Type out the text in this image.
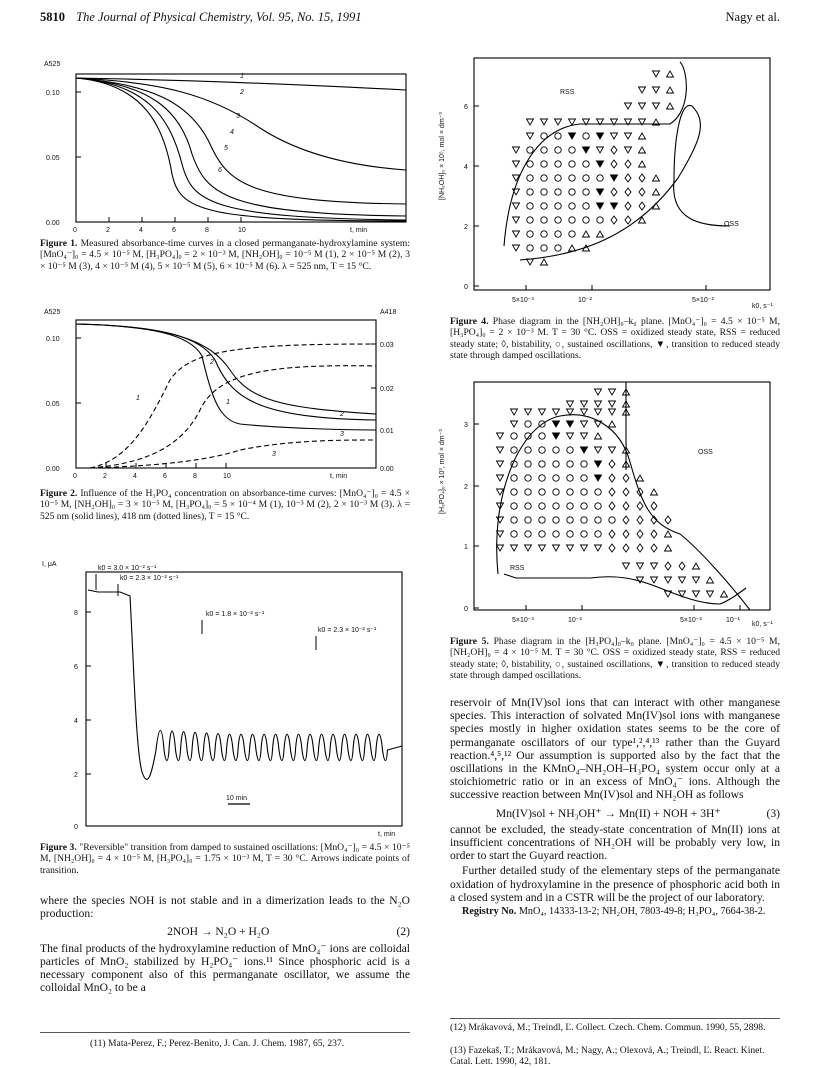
5810 The Journal of Physical Chemistry, Vol. 95, No. 15, 1991	Nagy et al.
A525
0.10
0.05
0.00
0	2	4	6	8	10	t, min
1
2
3
4
5
6
Figure 1. Measured absorbance-time curves in a closed permanganate-hydroxylamine system: [MnO₄⁻]₀ = 4.5 × 10⁻⁵ M, [H₃PO₄]₀ = 2 × 10⁻³ M, [NH₂OH]₀ = 10⁻⁵ M (1), 2 × 10⁻⁵ M (2), 3 × 10⁻⁵ M (3), 4 × 10⁻⁵ M (4), 5 × 10⁻⁵ M (5), 6 × 10⁻⁵ M (6). λ = 525 nm, T = 15 °C.
A525	A418
0.10
0.05
0.00
0.03
0.02
0.01
0.00
0	2	4	6	8	10	t, min
1
2
3
1
2
3
Figure 2. Influence of the H₃PO₄ concentration on absorbance-time curves: [MnO₄⁻]₀ = 4.5 × 10⁻⁵ M, [NH₂OH]₀ = 3 × 10⁻⁵ M, [H₃PO₄]₀ = 5 × 10⁻⁴ M (1), 10⁻³ M (2), 2 × 10⁻³ M (3). λ = 525 nm (solid lines), 418 nm (dotted lines), T = 15 °C.
I, μA
8
6
4
2
0
t, min
k0 = 3.0 × 10⁻² s⁻¹
k0 = 2.3 × 10⁻² s⁻¹
k0 = 1.8 × 10⁻² s⁻¹
k0 = 2.3 × 10⁻² s⁻¹
10 min
Figure 3. "Reversible" transition from damped to sustained oscillations: [MnO₄⁻]₀ = 4.5 × 10⁻⁵ M, [NH₂OH]₀ = 4 × 10⁻⁵ M, [H₃PO₄]₀ = 1.75 × 10⁻³ M, T = 30 °C. Arrows indicate points of transition.

where the species NOH is not stable and in a dimerization leads to the N₂O production:

2NOH → N₂O + H₂O	(2)

The final products of the hydroxylamine reduction of MnO₄⁻ ions are colloidal particles of MnO₂ stabilized by H₂PO₄⁻ ions.¹¹ Since phosphoric acid is a necessary component also of this permanganate oscillator, we assume the colloidal MnO₂ to be a

(11) Mata-Perez, F.; Perez-Benito, J. Can. J. Chem. 1987, 65, 237.
[NH₂OH]₀ × 10⁵, mol × dm⁻³
6
4
2
0
5×10⁻³	10⁻²	5×10⁻²
k0, s⁻¹
RSS
OSS
Figure 4. Phase diagram in the [NH₂OH]₀–k₀ plane. [MnO₄⁻]₀ = 4.5 × 10⁻⁵ M, [H₃PO₄]₀ = 2 × 10⁻³ M. T = 30 °C. OSS = oxidized steady state, RSS = reduced steady state; ◊, bistability, ○, sustained oscillations, ▼, transition to reduced steady state through damped oscillations.
[H₃PO₄]₀ × 10³, mol × dm⁻³
3
2
1
0
5×10⁻³	10⁻²	5×10⁻²	10⁻¹
k0, s⁻¹
OSS
RSS
Figure 5. Phase diagram in the [H₃PO₄]₀–k₀ plane. [MnO₄⁻]₀ = 4.5 × 10⁻⁵ M, [NH₂OH]₀ = 4 × 10⁻⁵ M. T = 30 °C. OSS = oxidized steady state, RSS = reduced steady state; ◊, bistability, ○, sustained oscillations, ▼, transition to reduced steady state through damped oscillations.

reservoir of Mn(IV)sol ions that can interact with other manganese species. This interaction of solvated Mn(IV)sol ions with manganese species mostly in higher oxidation states seems to be the core of permanganate oscillators of our type¹,²,⁴,¹³ rather than the Guyard reaction.⁴,⁵,¹² Our assumption is supported also by the fact that the oscillations in the KMnO₄–NH₂OH–H₃PO₄ system occur only at a stoichiometric ratio or in an excess of MnO₄⁻ ions. Although the successive reaction between Mn(IV)sol and NH₂OH as follows

Mn(IV)sol + NH₃OH⁺ → Mn(II) + NOH + 3H⁺	(3)

cannot be excluded, the steady-state concentration of Mn(II) ions at insufficient concentrations of NH₂OH will be probably very low, in order to start the Guyard reaction.

Further detailed study of the elementary steps of the permanganate oxidation of hydroxylamine in the presence of phosphoric acid both in a closed system and in a CSTR will be the project of our laboratory.

Registry No. MnO₄, 14333-13-2; NH₂OH, 7803-49-8; H₃PO₄, 7664-38-2.

(12) Mrákavová, M.; Treindl, Ľ. Collect. Czech. Chem. Commun. 1990, 55, 2898.
(13) Fazekaš, T.; Mrákavová, M.; Nagy, A.; Olexová, A.; Treindl, Ľ. React. Kinet. Catal. Lett. 1990, 42, 181.
